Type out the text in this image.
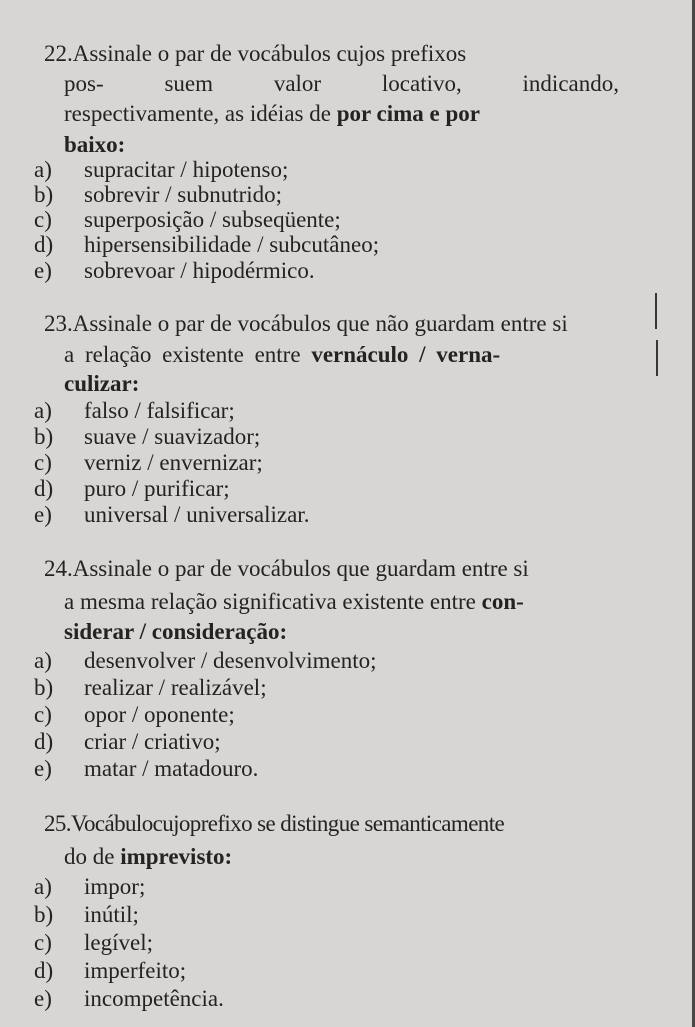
22.Assinale o par de vocábulos cujos prefixos
pos-	suem	valor	locativo,	indicando,
respectivamente, as idéias de por cima e por
baixo:
a) supracitar / hipotenso;
b) sobrevir / subnutrido;
c) superposição / subseqüente;
d) hipersensibilidade / subcutâneo;
e) sobrevoar / hipodérmico.
23.Assinale o par de vocábulos que não guardam entre si
a relação existente entre vernáculo / verna-
culizar:
a) falso / falsificar;
b) suave / suavizador;
c) verniz / envernizar;
d) puro / purificar;
e) universal / universalizar.
24.Assinale o par de vocábulos que guardam entre si
a mesma relação significativa existente entre con-
siderar / consideração:
a) desenvolver / desenvolvimento;
b) realizar / realizável;
c) opor / oponente;
d) criar / criativo;
e) matar / matadouro.
25.Vocábulocujoprefixo se distingue semanticamente
do de imprevisto:
a) impor;
b) inútil;
c) legível;
d) imperfeito;
e) incompetência.
